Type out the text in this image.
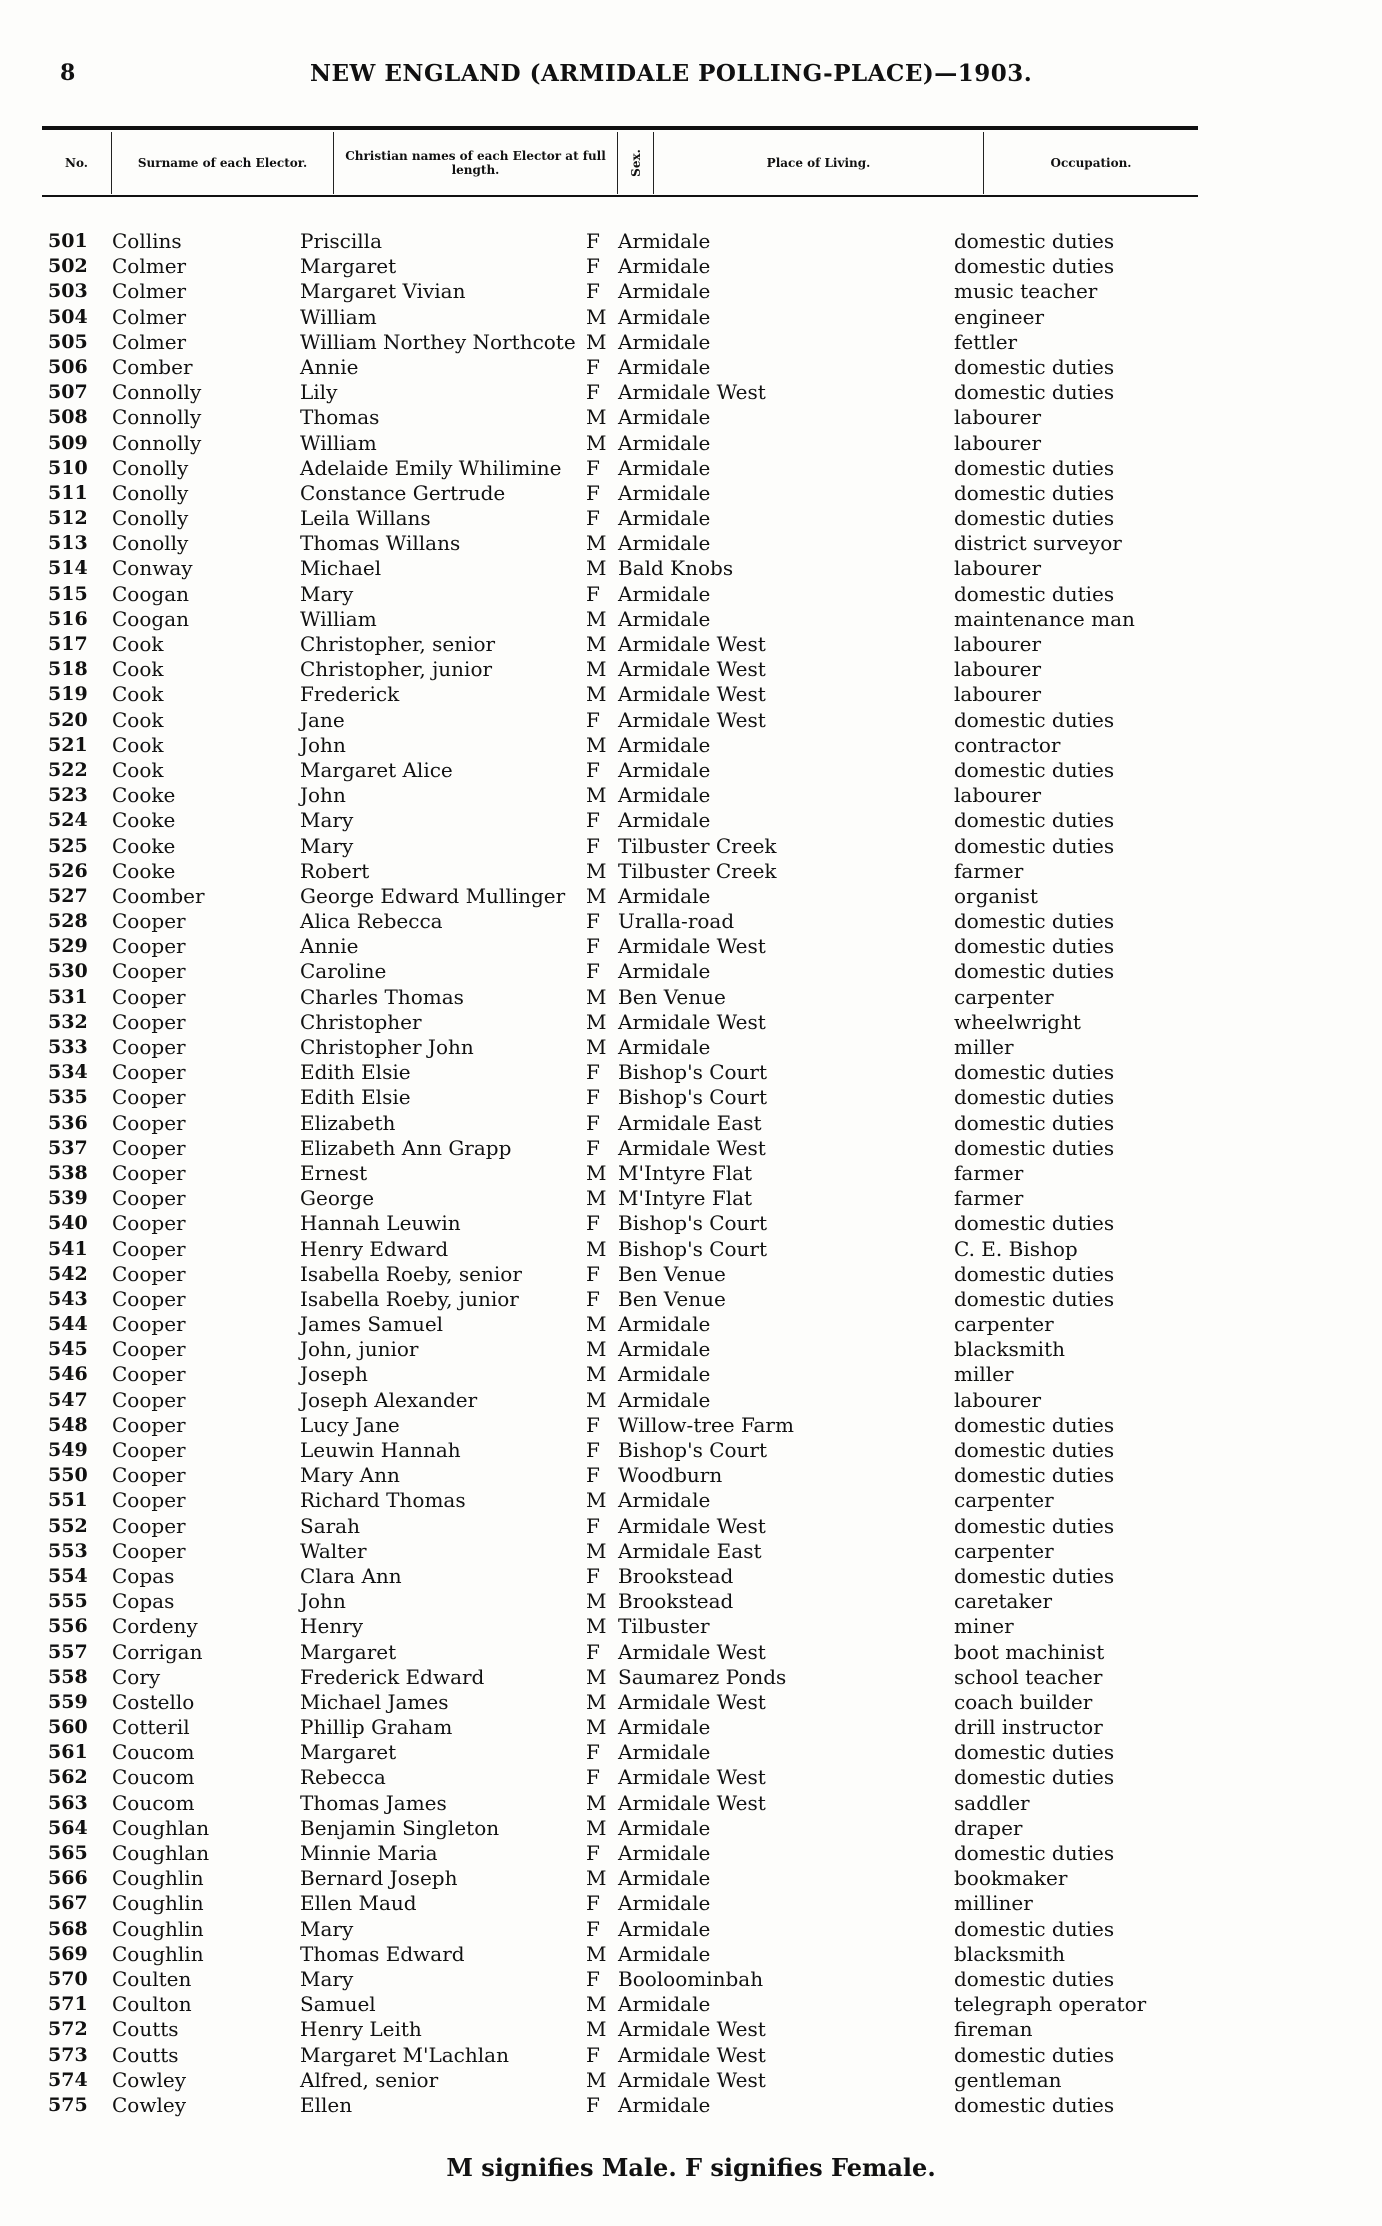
8	NEW ENGLAND (ARMIDALE POLLING-PLACE)—1903.
No.	Surname of each Elector.	Christian names of each Elector at full length.	Sex.	Place of Living.	Occupation.
501 Collins	Priscilla	F Armidale	domestic duties
502 Colmer	Margaret	F Armidale	domestic duties
503 Colmer	Margaret Vivian	F Armidale	music teacher
504 Colmer	William	M Armidale	engineer
505 Colmer	William Northey Northcote M Armidale	fettler
506 Comber	Annie	F Armidale	domestic duties
507 Connolly	Lily	F Armidale West	domestic duties
508 Connolly	Thomas	M Armidale	labourer
509 Connolly	William	M Armidale	labourer
510 Conolly	Adelaide Emily Whilimine F Armidale	domestic duties
511 Conolly	Constance Gertrude	F Armidale	domestic duties
512 Conolly	Leila Willans	F Armidale	domestic duties
513 Conolly	Thomas Willans	M Armidale	district surveyor
514 Conway	Michael	M Bald Knobs	labourer
515 Coogan	Mary	F Armidale	domestic duties
516 Coogan	William	M Armidale	maintenance man
517 Cook	Christopher, senior	M Armidale West	labourer
518 Cook	Christopher, junior	M Armidale West	labourer
519 Cook	Frederick	M Armidale West	labourer
520 Cook	Jane	F Armidale West	domestic duties
521 Cook	John	M Armidale	contractor
522 Cook	Margaret Alice	F Armidale	domestic duties
523 Cooke	John	M Armidale	labourer
524 Cooke	Mary	F Armidale	domestic duties
525 Cooke	Mary	F Tilbuster Creek	domestic duties
526 Cooke	Robert	M Tilbuster Creek	farmer
527 Coomber	George Edward Mullinger M Armidale	organist
528 Cooper	Alica Rebecca	F Uralla-road	domestic duties
529 Cooper	Annie	F Armidale West	domestic duties
530 Cooper	Caroline	F Armidale	domestic duties
531 Cooper	Charles Thomas	M Ben Venue	carpenter
532 Cooper	Christopher	M Armidale West	wheelwright
533 Cooper	Christopher John	M Armidale	miller
534 Cooper	Edith Elsie	F Bishop's Court	domestic duties
535 Cooper	Edith Elsie	F Bishop's Court	domestic duties
536 Cooper	Elizabeth	F Armidale East	domestic duties
537 Cooper	Elizabeth Ann Grapp	F Armidale West	domestic duties
538 Cooper	Ernest	M M'Intyre Flat	farmer
539 Cooper	George	M M'Intyre Flat	farmer
540 Cooper	Hannah Leuwin	F Bishop's Court	domestic duties
541 Cooper	Henry Edward	M Bishop's Court	C. E. Bishop
542 Cooper	Isabella Roeby, senior	F Ben Venue	domestic duties
543 Cooper	Isabella Roeby, junior	F Ben Venue	domestic duties
544 Cooper	James Samuel	M Armidale	carpenter
545 Cooper	John, junior	M Armidale	blacksmith
546 Cooper	Joseph	M Armidale	miller
547 Cooper	Joseph Alexander	M Armidale	labourer
548 Cooper	Lucy Jane	F Willow-tree Farm	domestic duties
549 Cooper	Leuwin Hannah	F Bishop's Court	domestic duties
550 Cooper	Mary Ann	F Woodburn	domestic duties
551 Cooper	Richard Thomas	M Armidale	carpenter
552 Cooper	Sarah	F Armidale West	domestic duties
553 Cooper	Walter	M Armidale East	carpenter
554 Copas	Clara Ann	F Brookstead	domestic duties
555 Copas	John	M Brookstead	caretaker
556 Cordeny	Henry	M Tilbuster	miner
557 Corrigan	Margaret	F Armidale West	boot machinist
558 Cory	Frederick Edward	M Saumarez Ponds	school teacher
559 Costello	Michael James	M Armidale West	coach builder
560 Cotteril	Phillip Graham	M Armidale	drill instructor
561 Coucom	Margaret	F Armidale	domestic duties
562 Coucom	Rebecca	F Armidale West	domestic duties
563 Coucom	Thomas James	M Armidale West	saddler
564 Coughlan	Benjamin Singleton	M Armidale	draper
565 Coughlan	Minnie Maria	F Armidale	domestic duties
566 Coughlin	Bernard Joseph	M Armidale	bookmaker
567 Coughlin	Ellen Maud	F Armidale	milliner
568 Coughlin	Mary	F Armidale	domestic duties
569 Coughlin	Thomas Edward	M Armidale	blacksmith
570 Coulten	Mary	F Booloominbah	domestic duties
571 Coulton	Samuel	M Armidale	telegraph operator
572 Coutts	Henry Leith	M Armidale West	fireman
573 Coutts	Margaret M'Lachlan	F Armidale West	domestic duties
574 Cowley	Alfred, senior	M Armidale West	gentleman
575 Cowley	Ellen	F Armidale	domestic duties
M signifies Male. F signifies Female.
